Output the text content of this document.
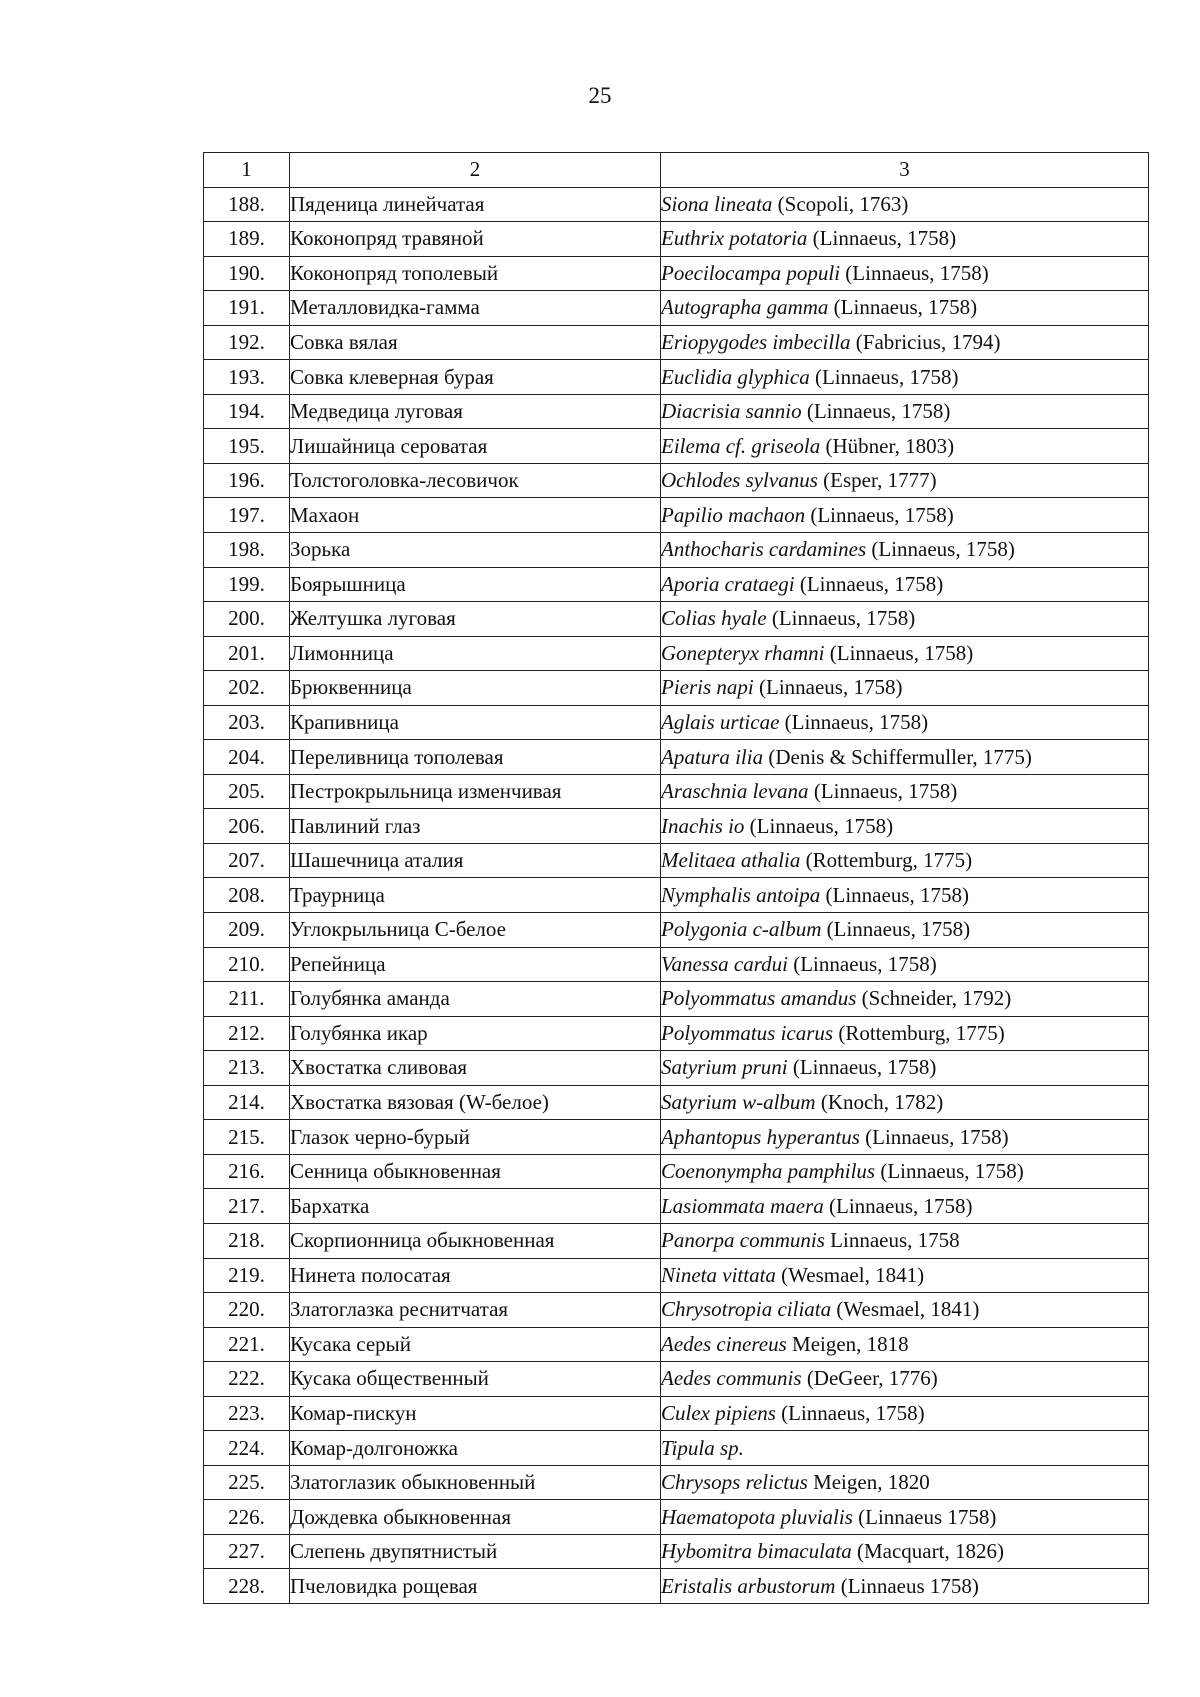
25
1	2	3
188.	Пяденица линейчатая	Siona lineata (Scopoli, 1763)
189.	Коконопряд травяной	Euthrix potatoria (Linnaeus, 1758)
190.	Коконопряд тополевый	Poecilocampa populi (Linnaeus, 1758)
191.	Металловидка-гамма	Autographa gamma (Linnaeus, 1758)
192.	Совка вялая	Eriopygodes imbecilla (Fabricius, 1794)
193.	Совка клеверная бурая	Euclidia glyphica (Linnaeus, 1758)
194.	Медведица луговая	Diacrisia sannio (Linnaeus, 1758)
195.	Лишайница сероватая	Eilema cf. griseola (Hübner, 1803)
196.	Толстоголовка-лесовичок	Ochlodes sylvanus (Esper, 1777)
197.	Махаон	Papilio machaon (Linnaeus, 1758)
198.	Зорька	Anthocharis cardamines (Linnaeus, 1758)
199.	Боярышница	Aporia crataegi (Linnaeus, 1758)
200.	Желтушка луговая	Colias hyale (Linnaeus, 1758)
201.	Лимонница	Gonepteryx rhamni (Linnaeus, 1758)
202.	Брюквенница	Pieris napi (Linnaeus, 1758)
203.	Крапивница	Aglais urticae (Linnaeus, 1758)
204.	Переливница тополевая	Apatura ilia (Denis & Schiffermuller, 1775)
205.	Пестрокрыльница изменчивая	Araschnia levana (Linnaeus, 1758)
206.	Павлиний глаз	Inachis io (Linnaeus, 1758)
207.	Шашечница аталия	Melitaea athalia (Rottemburg, 1775)
208.	Траурница	Nymphalis antoipa (Linnaeus, 1758)
209.	Углокрыльница С-белое	Polygonia c-album (Linnaeus, 1758)
210.	Репейница	Vanessa cardui (Linnaeus, 1758)
211.	Голубянка аманда	Polyommatus amandus (Schneider, 1792)
212.	Голубянка икар	Polyommatus icarus (Rottemburg, 1775)
213.	Хвостатка сливовая	Satyrium pruni (Linnaeus, 1758)
214.	Хвостатка вязовая (W-белое)	Satyrium w-album (Knoch, 1782)
215.	Глазок черно-бурый	Aphantopus hyperantus (Linnaeus, 1758)
216.	Сенница обыкновенная	Coenonympha pamphilus (Linnaeus, 1758)
217.	Бархатка	Lasiommata maera (Linnaeus, 1758)
218.	Скорпионница обыкновенная	Panorpa communis Linnaeus, 1758
219.	Нинета полосатая	Nineta vittata (Wesmael, 1841)
220.	Златоглазка реснитчатая	Chrysotropia ciliata (Wesmael, 1841)
221.	Кусака серый	Aedes cinereus Meigen, 1818
222.	Кусака общественный	Aedes communis (DeGeer, 1776)
223.	Комар-пискун	Culex pipiens (Linnaeus, 1758)
224.	Комар-долгоножка	Tipula sp.
225.	Златоглазик обыкновенный	Chrysops relictus Meigen, 1820
226.	Дождевка обыкновенная	Haematopota pluvialis (Linnaeus 1758)
227.	Слепень двупятнистый	Hybomitra bimaculata (Macquart, 1826)
228.	Пчеловидка рощевая	Eristalis arbustorum (Linnaeus 1758)
